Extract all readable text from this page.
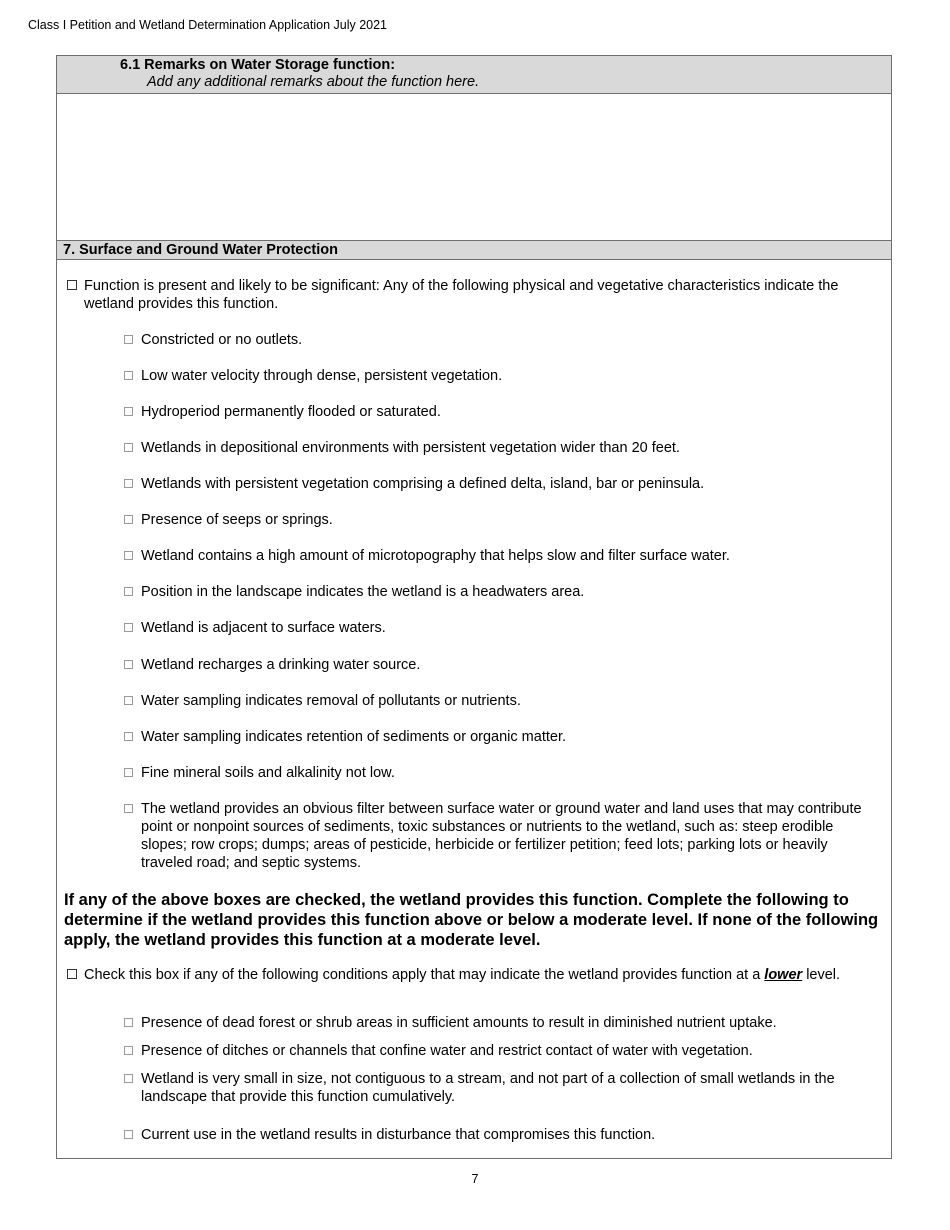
Class I Petition and Wetland Determination Application July 2021
6.1 Remarks on Water Storage function:
Add any additional remarks about the function here.
7. Surface and Ground Water Protection
Function is present and likely to be significant: Any of the following physical and vegetative characteristics indicate the wetland provides this function.
Constricted or no outlets.
Low water velocity through dense, persistent vegetation.
Hydroperiod permanently flooded or saturated.
Wetlands in depositional environments with persistent vegetation wider than 20 feet.
Wetlands with persistent vegetation comprising a defined delta, island, bar or peninsula.
Presence of seeps or springs.
Wetland contains a high amount of microtopography that helps slow and filter surface water.
Position in the landscape indicates the wetland is a headwaters area.
Wetland is adjacent to surface waters.
Wetland recharges a drinking water source.
Water sampling indicates removal of pollutants or nutrients.
Water sampling indicates retention of sediments or organic matter.
Fine mineral soils and alkalinity not low.
The wetland provides an obvious filter between surface water or ground water and land uses that may contribute point or nonpoint sources of sediments, toxic substances or nutrients to the wetland, such as: steep erodible slopes; row crops; dumps; areas of pesticide, herbicide or fertilizer petition; feed lots; parking lots or heavily traveled road; and septic systems.
If any of the above boxes are checked, the wetland provides this function. Complete the following to determine if the wetland provides this function above or below a moderate level. If none of the following apply, the wetland provides this function at a moderate level.
Check this box if any of the following conditions apply that may indicate the wetland provides function at a lower level.
Presence of dead forest or shrub areas in sufficient amounts to result in diminished nutrient uptake.
Presence of ditches or channels that confine water and restrict contact of water with vegetation.
Wetland is very small in size, not contiguous to a stream, and not part of a collection of small wetlands in the landscape that provide this function cumulatively.
Current use in the wetland results in disturbance that compromises this function.
7
